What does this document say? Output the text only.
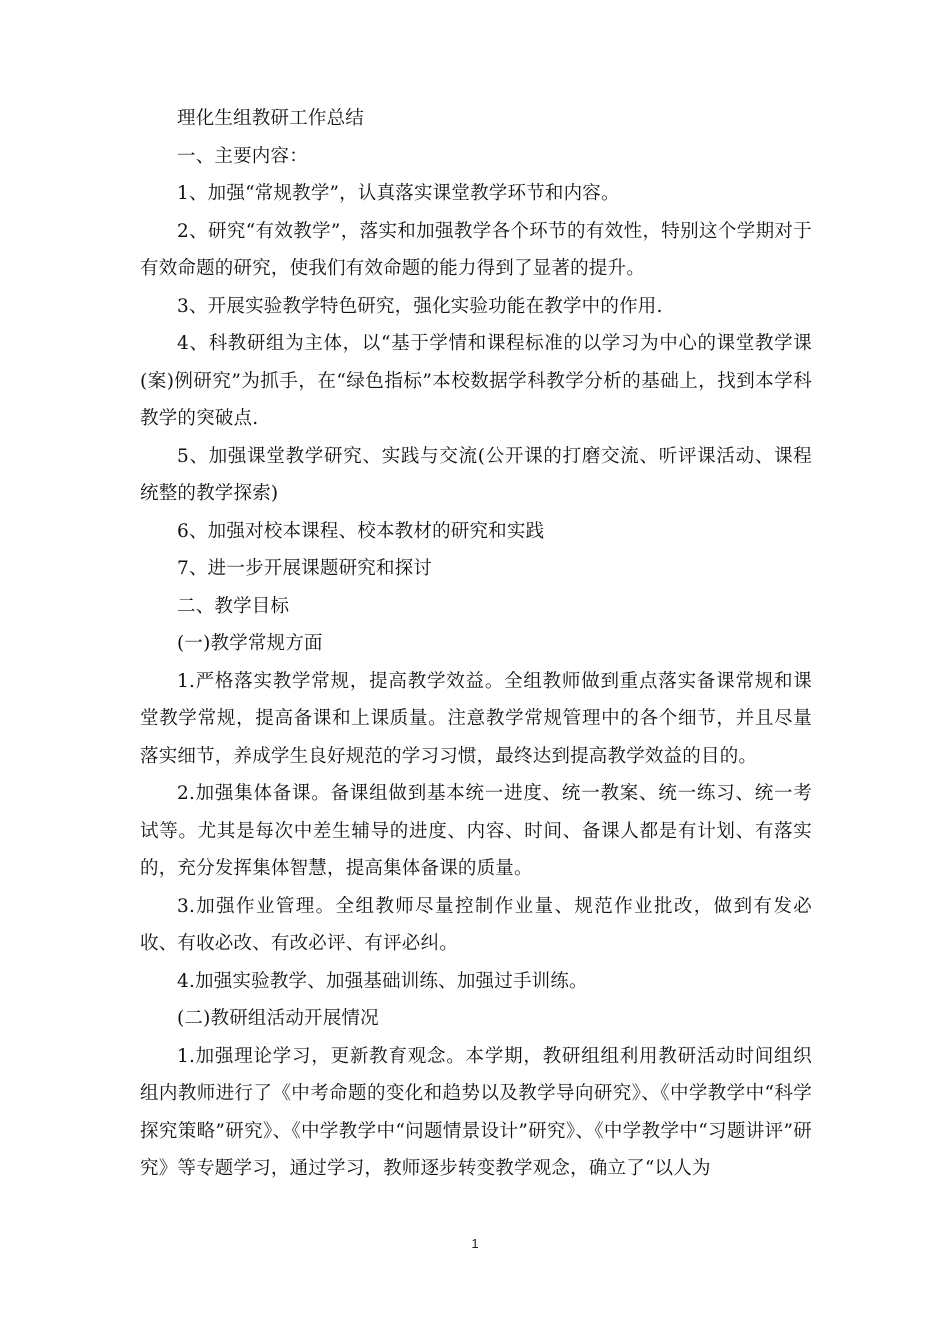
理化生组教研工作总结

一、主要内容：

1、加强“常规教学”，认真落实课堂教学环节和内容。

2、研究“有效教学”，落实和加强教学各个环节的有效性，特别这个学期对于有效命题的研究，使我们有效命题的能力得到了显著的提升。

3、开展实验教学特色研究，强化实验功能在教学中的作用.

4、科教研组为主体，以“基于学情和课程标准的以学习为中心的课堂教学课(案)例研究”为抓手，在“绿色指标”本校数据学科教学分析的基础上，找到本学科教学的突破点.

5、加强课堂教学研究、实践与交流(公开课的打磨交流、听评课活动、课程统整的教学探索)

6、加强对校本课程、校本教材的研究和实践

7、进一步开展课题研究和探讨

二、教学目标

(一)教学常规方面

1.严格落实教学常规，提高教学效益。全组教师做到重点落实备课常规和课堂教学常规，提高备课和上课质量。注意教学常规管理中的各个细节，并且尽量落实细节，养成学生良好规范的学习习惯，最终达到提高教学效益的目的。

2.加强集体备课。备课组做到基本统一进度、统一教案、统一练习、统一考试等。尤其是每次中差生辅导的进度、内容、时间、备课人都是有计划、有落实的，充分发挥集体智慧，提高集体备课的质量。

3.加强作业管理。全组教师尽量控制作业量、规范作业批改，做到有发必收、有收必改、有改必评、有评必纠。

4.加强实验教学、加强基础训练、加强过手训练。

(二)教研组活动开展情况

1.加强理论学习，更新教育观念。本学期，教研组组利用教研活动时间组织组内教师进行了《中考命题的变化和趋势以及教学导向研究》、《中学教学中“科学探究策略”研究》、《中学教学中“问题情景设计”研究》、《中学教学中“习题讲评”研究》等专题学习，通过学习，教师逐步转变教学观念，确立了“以人为

1
